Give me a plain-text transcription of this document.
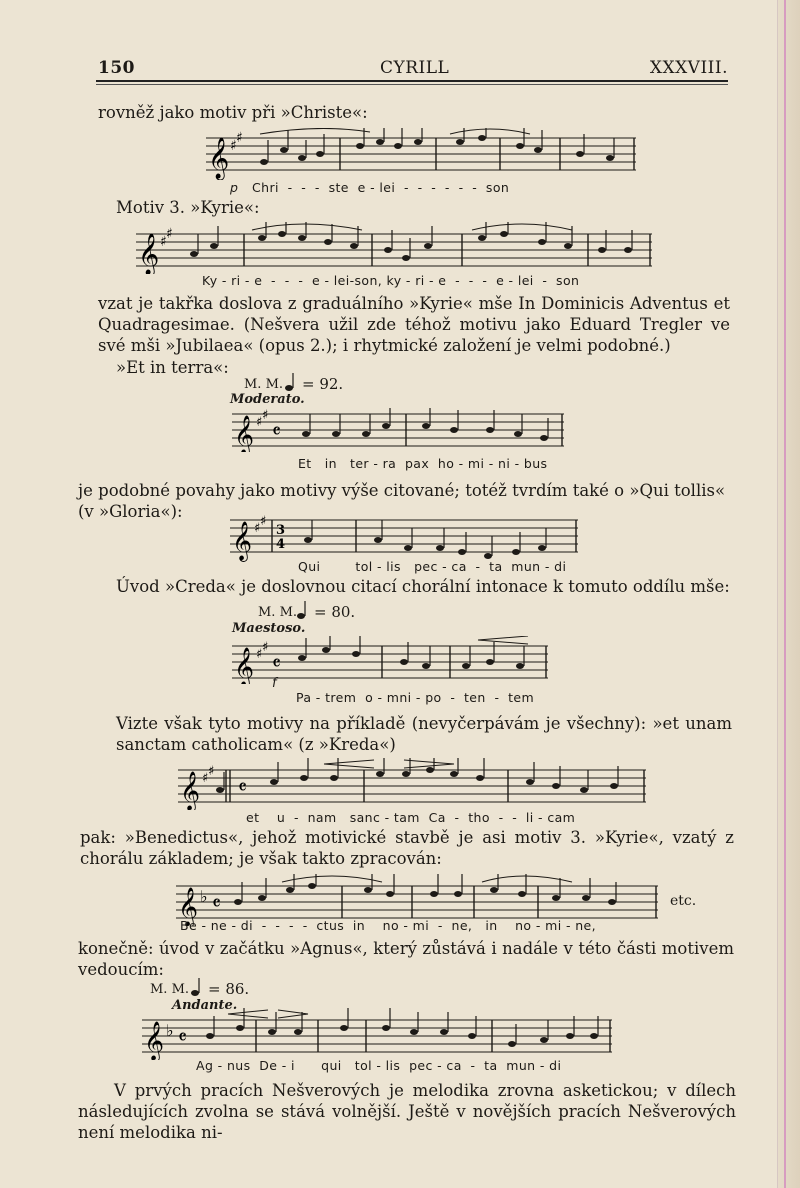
150	CYRILL	XXXVIII.

rovněž jako motiv při »Christe«:

𝄞 ♯ ♯
p Chri  -  -  -  ste  e - lei  -  -  -  -  -  -  son

Motiv 3. »Kyrie«:

𝄞 ♯ ♯
Ky - ri - e  -  -  -  e - lei-son, ky - ri - e  -  -  -  e - lei  -  son

vzat je takřka doslova z graduálního »Kyrie« mše In Dominicis Adventus et Quadragesimae. (Nešvera užil zde téhož motivu jako Eduard Tregler ve své mši »Jubilaea« (opus 2.); i rhytmické založení je velmi podobné.)

»Et in terra«:

M. M. = 92.
Moderato.
𝄞 ♯ ♯
𝄴
Et   in   ter - ra  pax  ho - mi - ni - bus

je podobné povahy jako motivy výše citované; totéž tvrdím také o »Qui tollis« (v »Gloria«):

𝄞 ♯ ♯
3
4
Qui        tol - lis   pec - ca  -  ta  mun - di

Úvod »Creda« je doslovnou citací chorální intonace k tomuto oddílu mše:

M. M. = 80.
Maestoso.
𝄞 ♯ ♯
𝄴
f
Pa - trem  o - mni - po  -  ten  -  tem

Vizte však tyto motivy na příkladě (nevyčerpávám je všechny): »et unam sanctam catholicam« (z »Kreda«)

𝄞 ♯ ♯
𝄴
et    u  -  nam   sanc - tam  Ca  -  tho  -  -  li - cam

pak: »Benedictus«, jehož motivické stavbě je asi motiv 3. »Kyrie«, vzatý z chorálu základem; je však takto zpracován:

𝄞 ♭ 𝄴
Be - ne - di  -  -  -  -  ctus  in    no - mi  -  ne,   in    no - mi - ne,
etc.

konečně: úvod v začátku »Agnus«, který zůstává i nadále v této části motivem vedoucím:

M. M. = 86.
Andante.
𝄞 ♭ 𝄴
Ag - nus  De - i      qui   tol - lis  pec - ca  -  ta  mun - di

V prvých pracích Nešverových je melodika zrovna asketickou; v dílech následujících zvolna se stává volnější. Ještě v novějších pracích Nešverových není melodika ni-
